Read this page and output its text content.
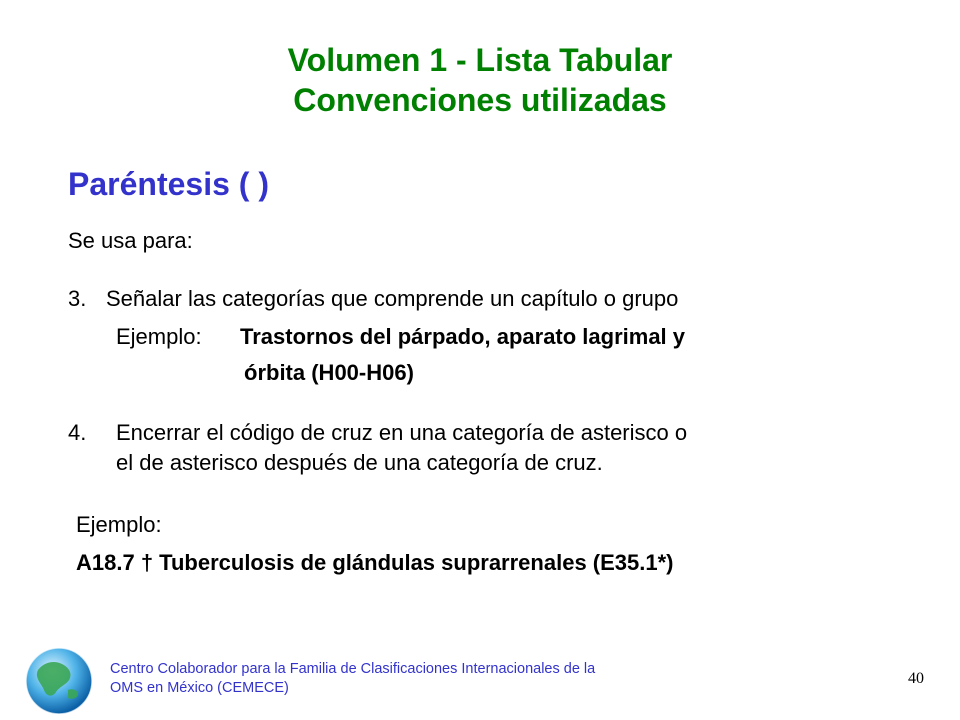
Volumen 1 - Lista Tabular
Convenciones utilizadas
Paréntesis ( )
Se usa para:
3. Señalar las categorías que comprende un capítulo o grupo
Ejemplo: Trastornos del párpado, aparato lagrimal y
órbita (H00-H06)
4. Encerrar el código de cruz en una categoría de asterisco o
el de asterisco después de una categoría de cruz.
Ejemplo:
A18.7 † Tuberculosis de glándulas suprarrenales (E35.1*)
Centro Colaborador para la Familia de Clasificaciones Internacionales de la
OMS en México (CEMECE)
40
